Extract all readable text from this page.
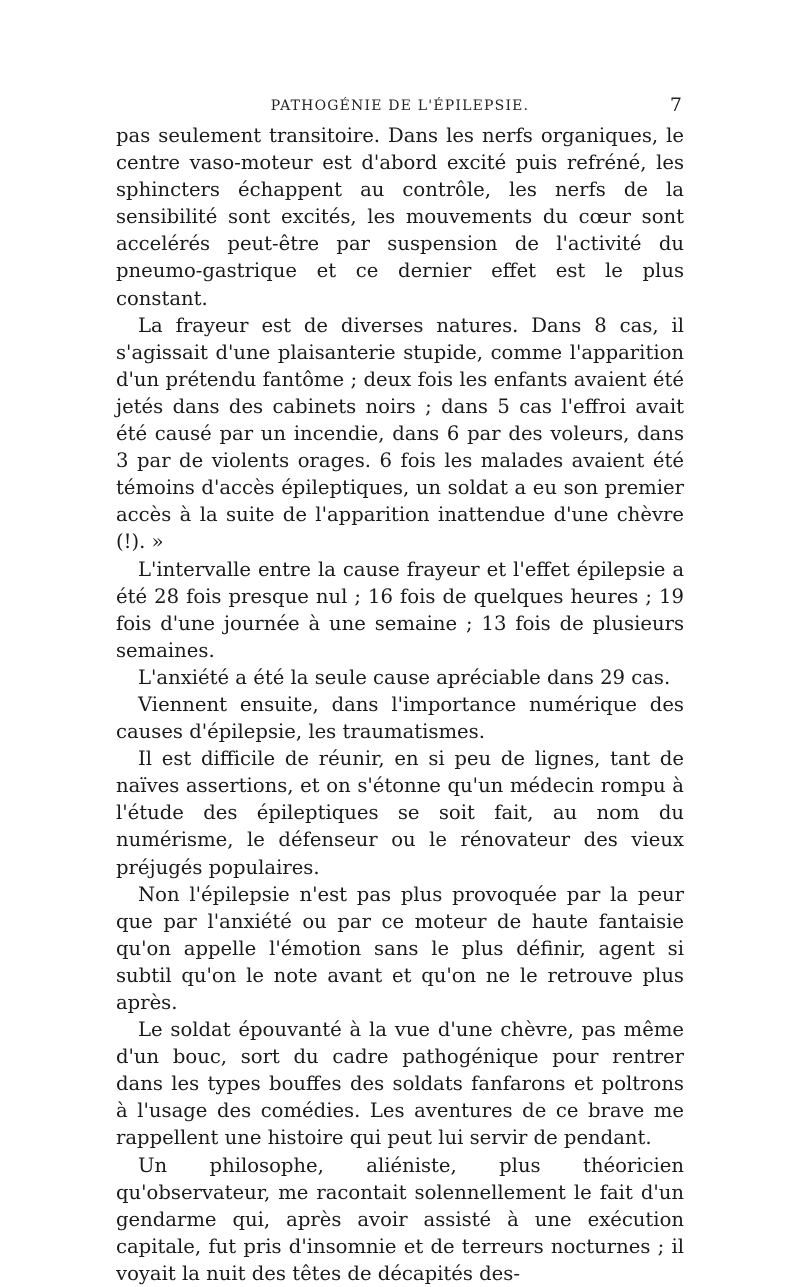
PATHOGÉNIE DE L'ÉPILEPSIE.	7

pas seulement transitoire. Dans les nerfs organiques, le centre vaso-moteur est d'abord excité puis refréné, les sphincters échappent au contrôle, les nerfs de la sensibilité sont excités, les mouvements du cœur sont accelérés peut-être par suspension de l'activité du pneumo-gastrique et ce dernier effet est le plus constant.

La frayeur est de diverses natures. Dans 8 cas, il s'agissait d'une plaisanterie stupide, comme l'apparition d'un prétendu fantôme ; deux fois les enfants avaient été jetés dans des cabinets noirs ; dans 5 cas l'effroi avait été causé par un incendie, dans 6 par des voleurs, dans 3 par de violents orages. 6 fois les malades avaient été témoins d'accès épileptiques, un soldat a eu son premier accès à la suite de l'apparition inattendue d'une chèvre (!). »

L'intervalle entre la cause frayeur et l'effet épilepsie a été 28 fois presque nul ; 16 fois de quelques heures ; 19 fois d'une journée à une semaine ; 13 fois de plusieurs semaines.

L'anxiété a été la seule cause apréciable dans 29 cas.

Viennent ensuite, dans l'importance numérique des causes d'épilepsie, les traumatismes.

Il est difficile de réunir, en si peu de lignes, tant de naïves assertions, et on s'étonne qu'un médecin rompu à l'étude des épileptiques se soit fait, au nom du numérisme, le défenseur ou le rénovateur des vieux préjugés populaires.

Non l'épilepsie n'est pas plus provoquée par la peur que par l'anxiété ou par ce moteur de haute fantaisie qu'on appelle l'émotion sans le plus définir, agent si subtil qu'on le note avant et qu'on ne le retrouve plus après.

Le soldat épouvanté à la vue d'une chèvre, pas même d'un bouc, sort du cadre pathogénique pour rentrer dans les types bouffes des soldats fanfarons et poltrons à l'usage des comédies. Les aventures de ce brave me rappellent une histoire qui peut lui servir de pendant.

Un philosophe, aliéniste, plus théoricien qu'observateur, me racontait solennellement le fait d'un gendarme qui, après avoir assisté à une exécution capitale, fut pris d'insomnie et de terreurs nocturnes ; il voyait la nuit des têtes de décapités des-
